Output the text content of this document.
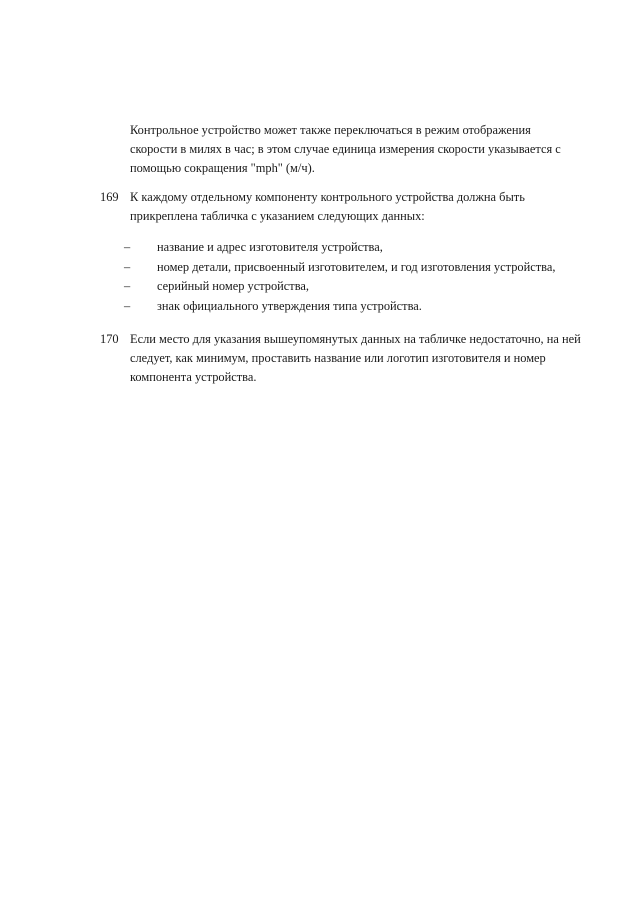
Контрольное устройство может также переключаться в режим отображения
скорости в милях в час; в этом случае единица измерения скорости указывается с
помощью сокращения "mph" (м/ч).
169 К каждому отдельному компоненту контрольного устройства должна быть
прикреплена табличка с указанием следующих данных:
– название и адрес изготовителя устройства,
– номер детали, присвоенный изготовителем, и год изготовления устройства,
– серийный номер устройства,
– знак официального утверждения типа устройства.
170 Если место для указания вышеупомянутых данных на табличке недостаточно, на ней
следует, как минимум, проставить название или логотип изготовителя и номер
компонента устройства.
